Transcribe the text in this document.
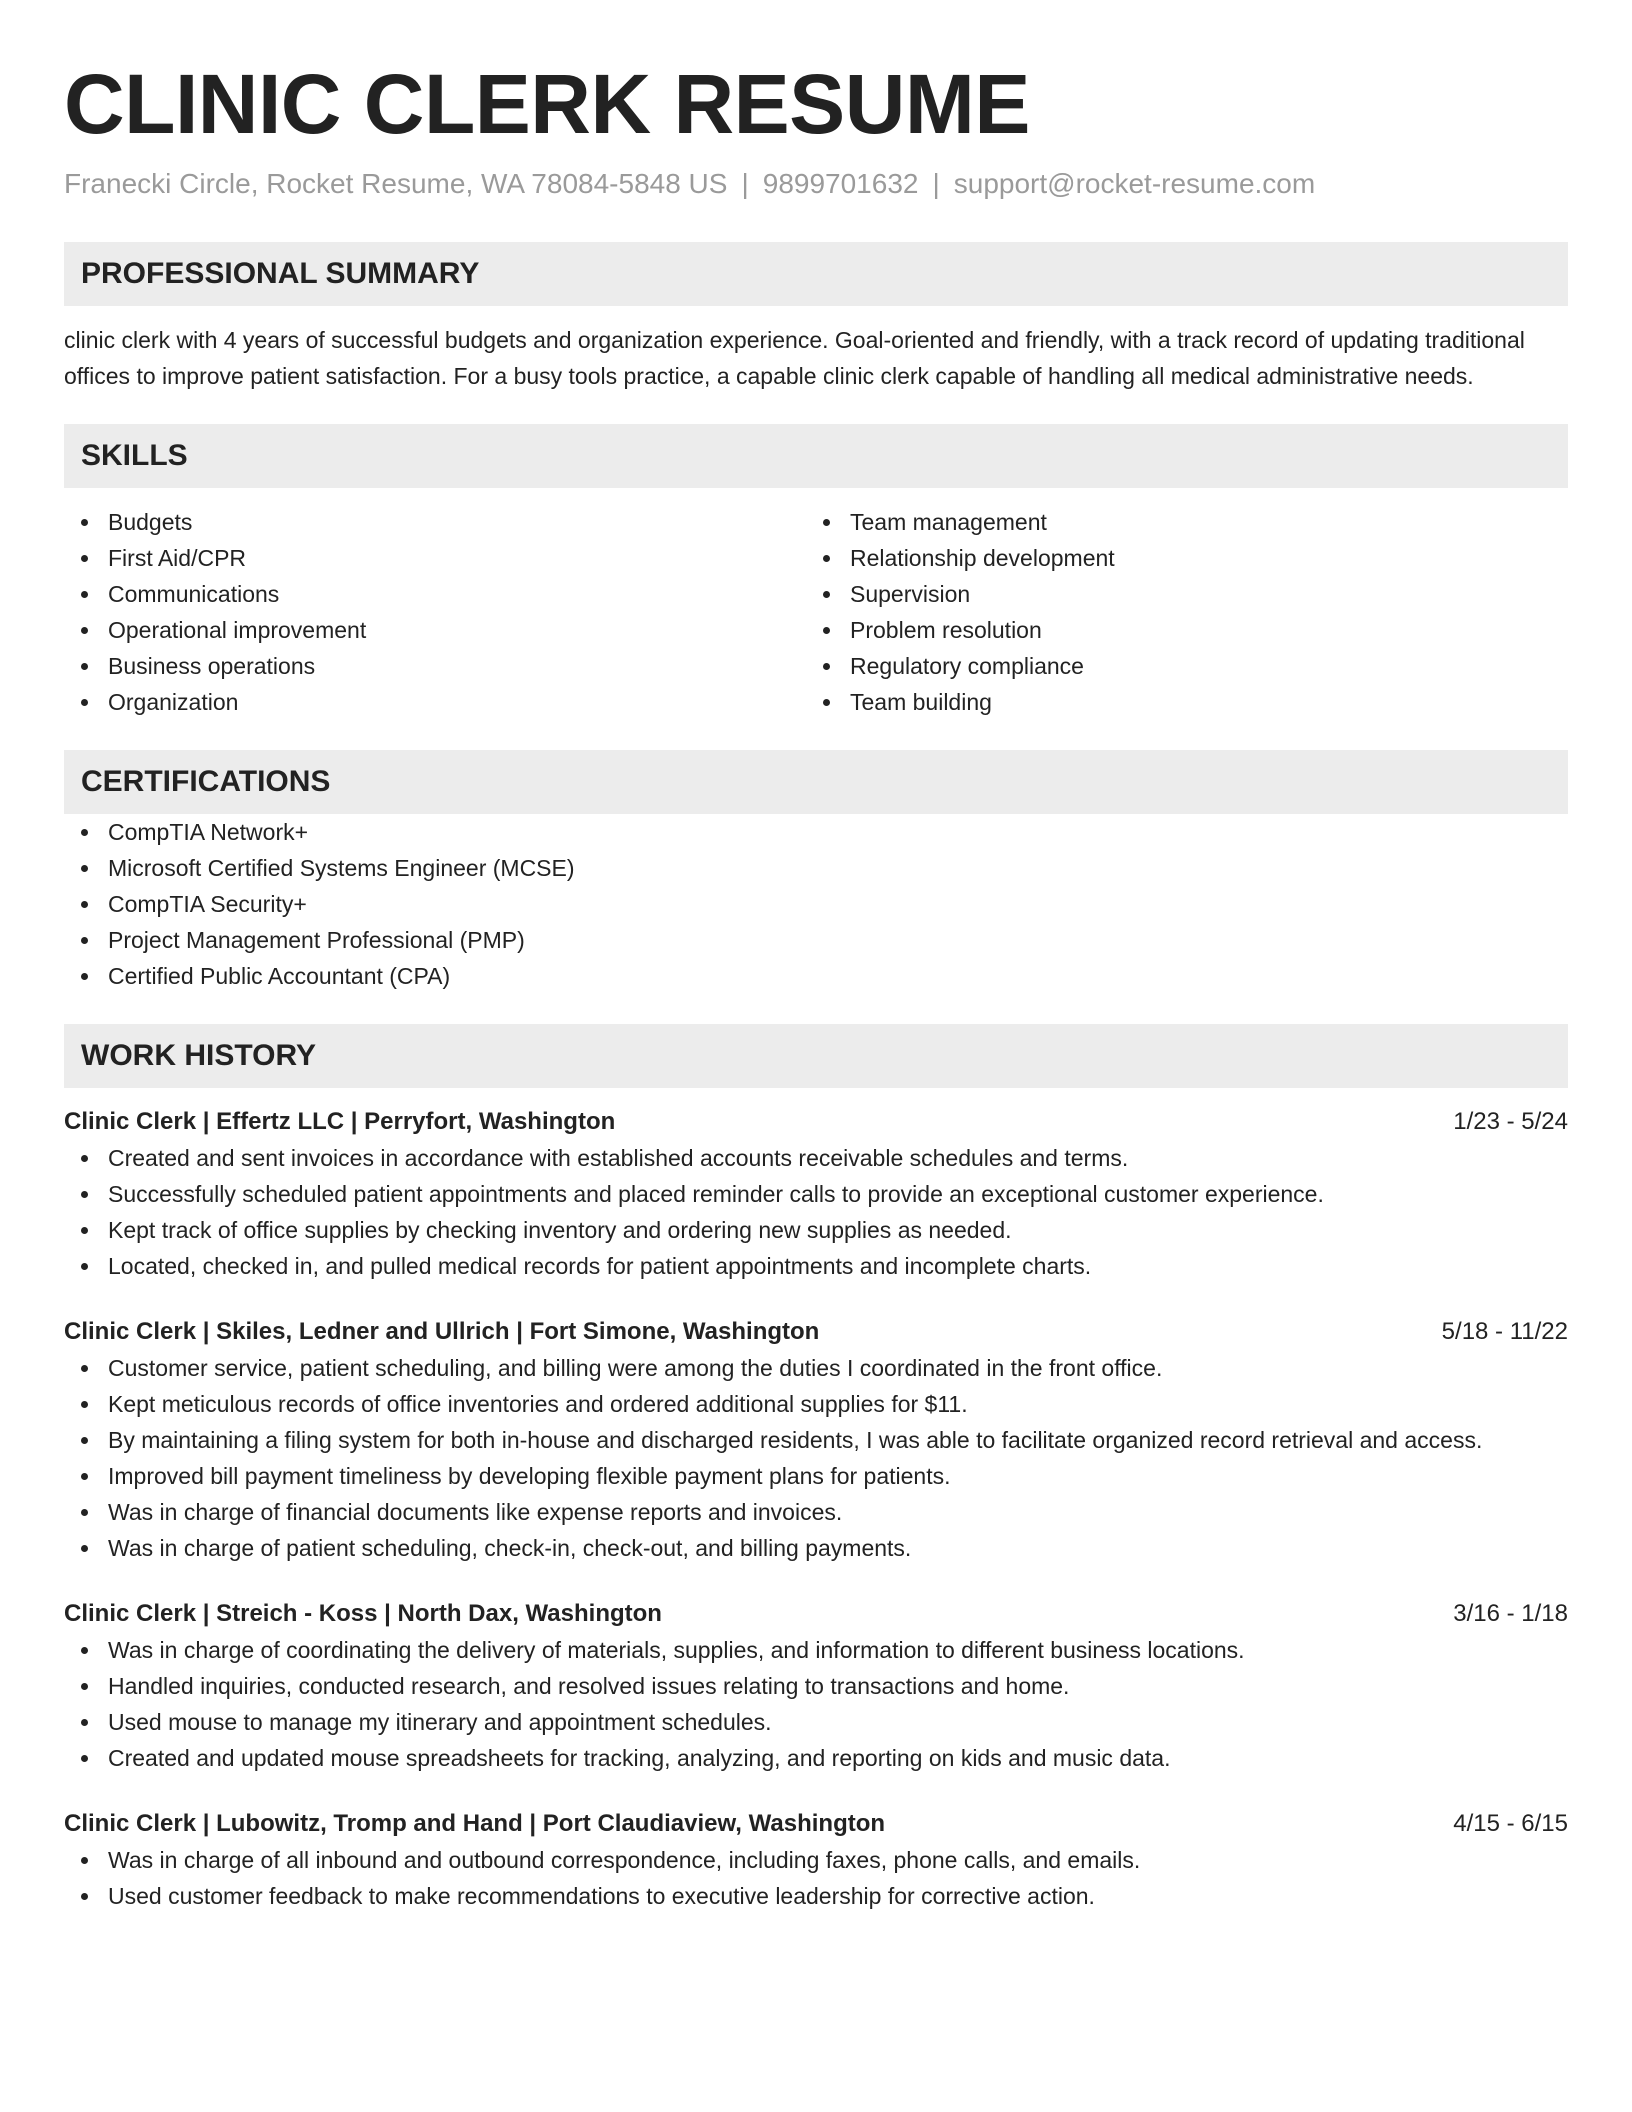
CLINIC CLERK RESUME
Franecki Circle, Rocket Resume, WA 78084-5848 US | 9899701632 | support@rocket-resume.com
PROFESSIONAL SUMMARY

clinic clerk with 4 years of successful budgets and organization experience. Goal-oriented and friendly, with a track record of updating traditional offices to improve patient satisfaction. For a busy tools practice, a capable clinic clerk capable of handling all medical administrative needs.

SKILLS
Budgets
First Aid/CPR
Communications
Operational improvement
Business operations
Organization
Team management
Relationship development
Supervision
Problem resolution
Regulatory compliance
Team building
CERTIFICATIONS
CompTIA Network+
Microsoft Certified Systems Engineer (MCSE)
CompTIA Security+
Project Management Professional (PMP)
Certified Public Accountant (CPA)
WORK HISTORY
Clinic Clerk | Effertz LLC | Perryfort, Washington	1/23 - 5/24
Created and sent invoices in accordance with established accounts receivable schedules and terms.
Successfully scheduled patient appointments and placed reminder calls to provide an exceptional customer experience.
Kept track of office supplies by checking inventory and ordering new supplies as needed.
Located, checked in, and pulled medical records for patient appointments and incomplete charts.
Clinic Clerk | Skiles, Ledner and Ullrich | Fort Simone, Washington	5/18 - 11/22
Customer service, patient scheduling, and billing were among the duties I coordinated in the front office.
Kept meticulous records of office inventories and ordered additional supplies for $11.
By maintaining a filing system for both in-house and discharged residents, I was able to facilitate organized record retrieval and access.
Improved bill payment timeliness by developing flexible payment plans for patients.
Was in charge of financial documents like expense reports and invoices.
Was in charge of patient scheduling, check-in, check-out, and billing payments.
Clinic Clerk | Streich - Koss | North Dax, Washington	3/16 - 1/18
Was in charge of coordinating the delivery of materials, supplies, and information to different business locations.
Handled inquiries, conducted research, and resolved issues relating to transactions and home.
Used mouse to manage my itinerary and appointment schedules.
Created and updated mouse spreadsheets for tracking, analyzing, and reporting on kids and music data.
Clinic Clerk | Lubowitz, Tromp and Hand | Port Claudiaview, Washington	4/15 - 6/15
Was in charge of all inbound and outbound correspondence, including faxes, phone calls, and emails.
Used customer feedback to make recommendations to executive leadership for corrective action.
